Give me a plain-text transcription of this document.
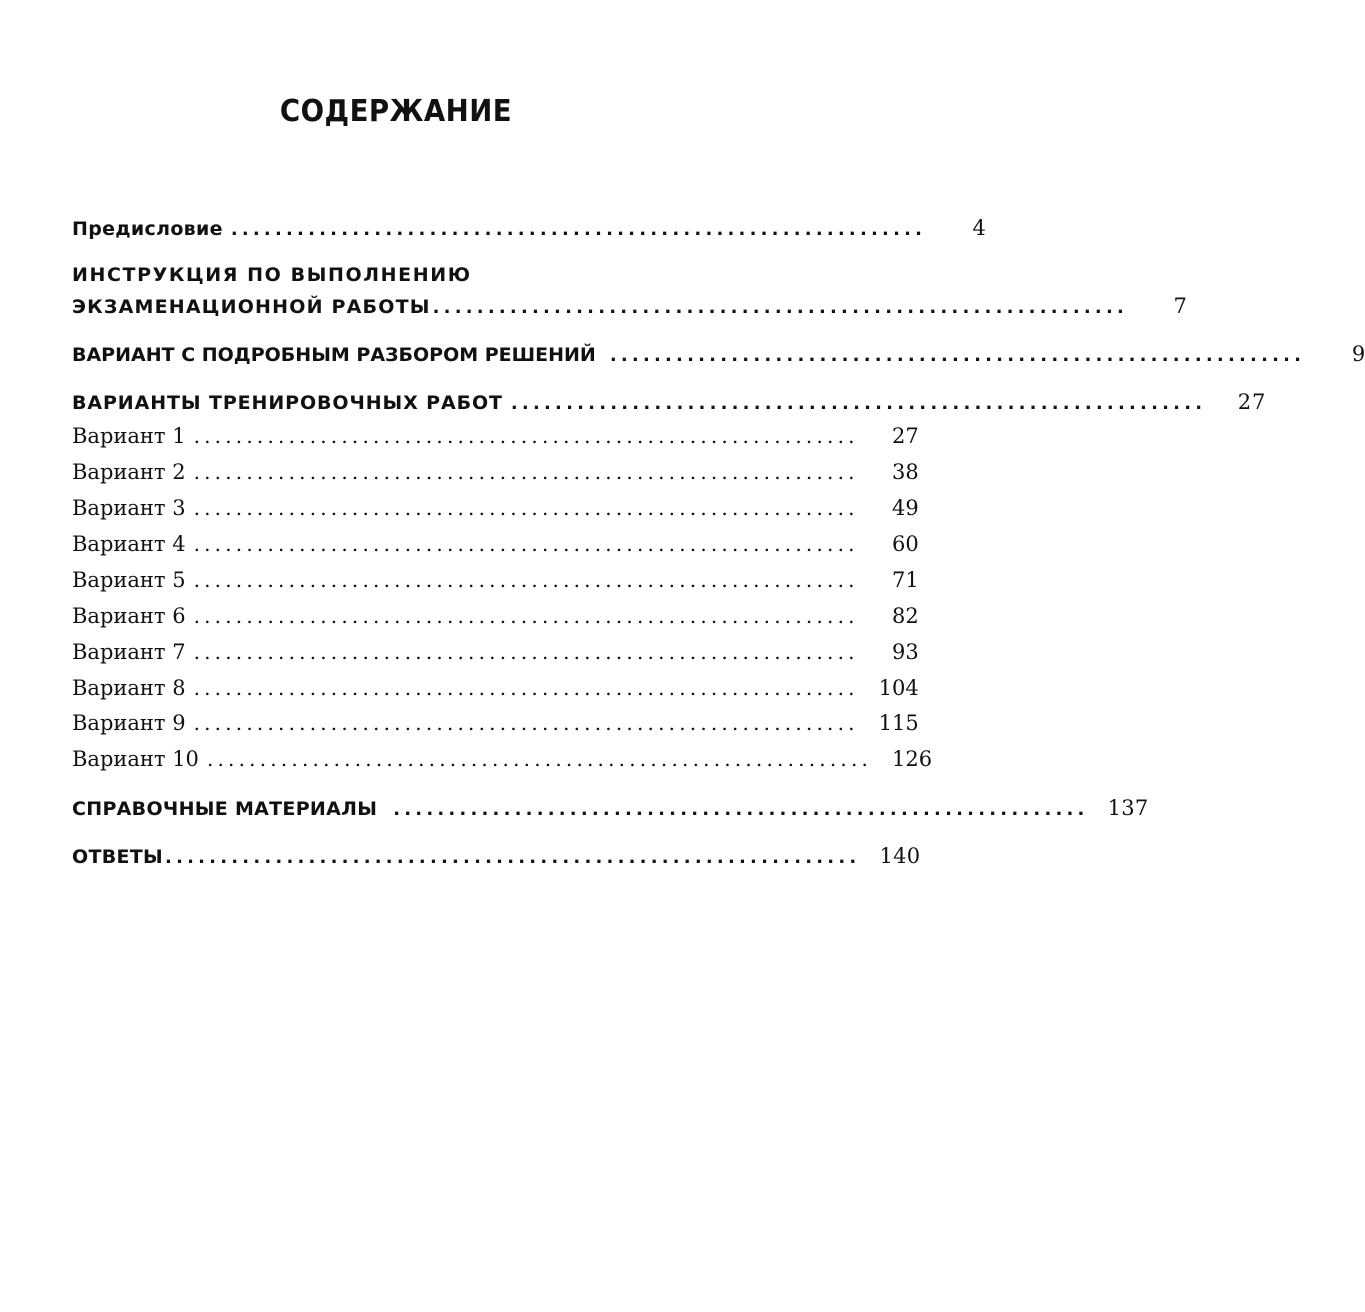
СОДЕРЖАНИЕ
Предисловие ...............................................................	4
ИНСТРУКЦИЯ ПО ВЫПОЛНЕНИЮ
ЭКЗАМЕНАЦИОННОЙ РАБОТЫ ...............................................................	7
ВАРИАНТ С ПОДРОБНЫМ РАЗБОРОМ РЕШЕНИЙ ...............................................................	9
ВАРИАНТЫ ТРЕНИРОВОЧНЫХ РАБОТ ...............................................................	27
Вариант 1 ...............................................................	27
Вариант 2 ...............................................................	38
Вариант 3 ...............................................................	49
Вариант 4 ...............................................................	60
Вариант 5 ...............................................................	71
Вариант 6 ...............................................................	82
Вариант 7 ...............................................................	93
Вариант 8 ............................................................... 104
Вариант 9 ............................................................... 115
Вариант 10 ............................................................... 126
СПРАВОЧНЫЕ МАТЕРИАЛЫ ............................................................... 137
ОТВЕТЫ ............................................................... 140
